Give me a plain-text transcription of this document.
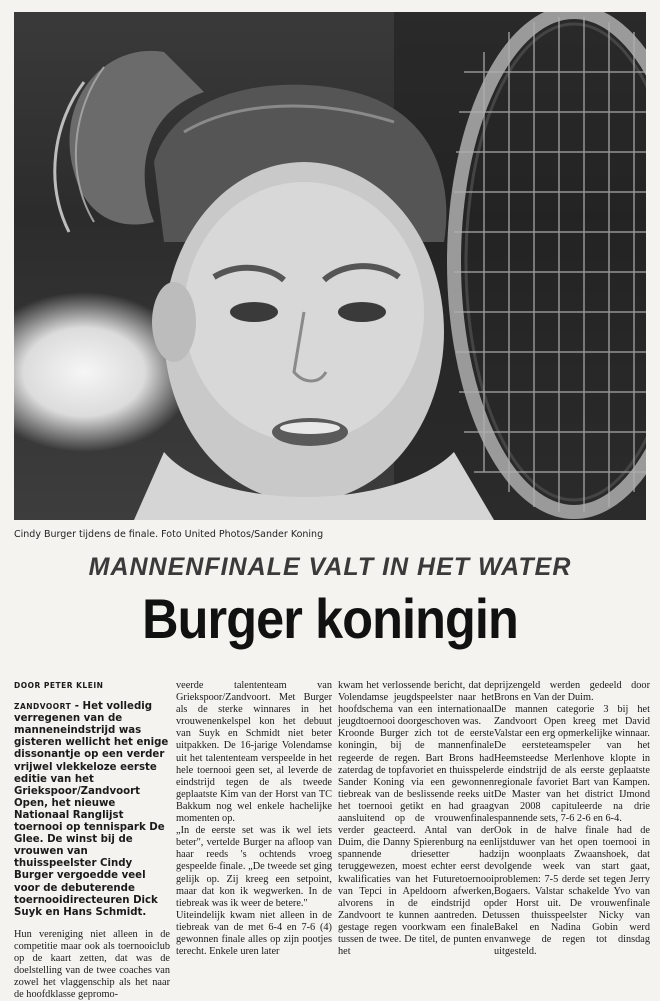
Cindy Burger tijdens de finale. Foto United Photos/Sander Koning
MANNENFINALE VALT IN HET WATER
Burger koningin
DOOR PETER KLEIN

ZANDVOORT - Het volledig verregenen van de manneneindstrijd was gisteren wellicht het enige dissonantje op een verder vrijwel vlekkeloze eerste editie van het Griekspoor/Zandvoort Open, het nieuwe Nationaal Ranglijst toernooi op tennispark De Glee. De winst bij de vrouwen van thuisspeelster Cindy Burger vergoedde veel voor de debuterende toernooidirecteuren Dick Suyk en Hans Schmidt.

Hun vereniging niet alleen in de competitie maar ook als toernooiclub op de kaart zetten, dat was de doelstelling van de twee coaches van zowel het vlaggenschip als het naar de hoofdklasse gepromo-

veerde talententeam van Griekspoor/Zandvoort. Met Burger als de sterke winnares in het vrouwenenkelspel kon het debuut van Suyk en Schmidt niet beter uitpakken. De 16-jarige Volendamse uit het talententeam verspeelde in het hele toernooi geen set, al leverde de eindstrijd tegen de als tweede geplaatste Kim van der Horst van TC Bakkum nog wel enkele hachelijke momenten op.

„In de eerste set was ik wel iets beter", vertelde Burger na afloop van haar reeds 's ochtends vroeg gespeelde finale. „De tweede set ging gelijk op. Zij kreeg een setpoint, maar dat kon ik wegwerken. In de tiebreak was ik weer de betere."

Uiteindelijk kwam niet alleen in de tiebreak van de met 6-4 en 7-6 (4) gewonnen finale alles op zijn pootjes terecht. Enkele uren later

kwam het verlossende bericht, dat de Volendamse jeugdspeelster naar het hoofdschema van een internationaal jeugdtoernooi doorgeschoven was.

Kroonde Burger zich tot de eerste koningin, bij de mannenfinale regeerde de regen. Bart Brons had zaterdag de topfavoriet en thuisspeler Sander Koning via een gewonnen tiebreak van de beslissende reeks uit het toernooi getikt en had graag aansluitend op de vrouwenfinale verder geacteerd. Antal van der Duim, die Danny Spierenburg na een spannende driesetter had teruggewezen, moest echter eerst de kwalificaties van het Futuretoernooi van Tepci in Apeldoorn afwerken, alvorens in de eindstrijd op Zandvoort te kunnen aantreden. De gestage regen voorkwam een finale tussen de twee. De titel, de punten en het

prijzengeld werden gedeeld door Brons en Van der Duim.

De mannen categorie 3 bij het Zandvoort Open kreeg met David Valstar een erg opmerkelijke winnaar. De eersteteamspeler van het Heemsteedse Merlenhove klopte in de eindstrijd de als eerste geplaatste regionale favoriet Bart van Kampen. De Master van het district IJmond van 2008 capituleerde na drie spannende sets, 7-6 2-6 en 6-4.

Ook in de halve finale had de lijstduwer van het open toernooi in zijn woonplaats Zwaanshoek, dat volgende week van start gaat, problemen: 7-5 derde set tegen Jerry Bogaers. Valstar schakelde Yvo van der Horst uit. De vrouwenfinale tussen thuisspeelster Nicky van Bakel en Nadina Gobin werd vanwege de regen tot dinsdag uitgesteld.
